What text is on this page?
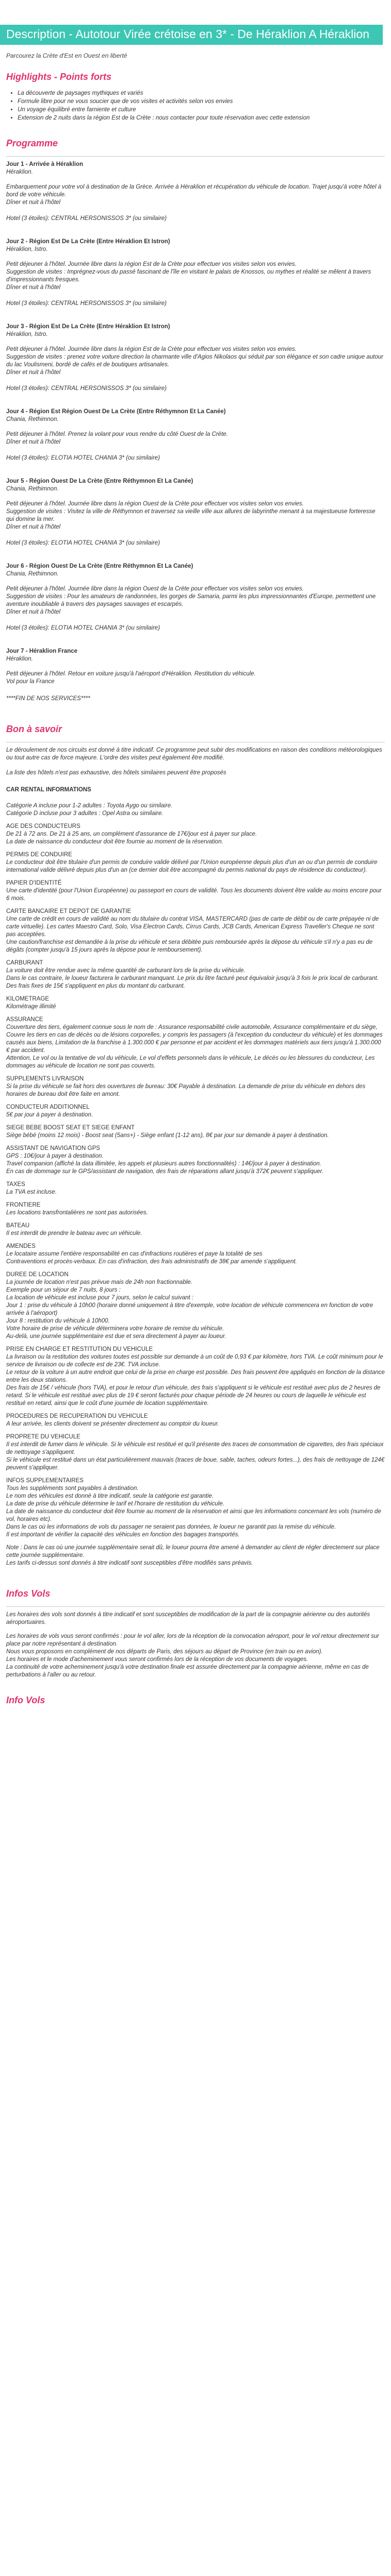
Description - Autotour Virée crétoise en 3* - De Héraklion A Héraklion
Parcourez la Crète d'Est en Ouest en liberté
Highlights - Points forts
• La découverte de paysages mythiques et variés
• Formule libre pour ne vous soucier que de vos visites et activités selon vos envies
• Un voyage équilibré entre farniente et culture
• Extension de 2 nuits dans la région Est de la Crète : nous contacter pour toute réservation avec cette extension
Programme
Jour 1 - Arrivée à Héraklion
Héraklion.

Embarquement pour votre vol à destination de la Grèce. Arrivée à Héraklion et récupération du véhicule de location. Trajet jusqu'à votre hôtel à bord de votre véhicule.
Dîner et nuit à l'hôtel

Hotel (3 étoiles): CENTRAL HERSONISSOS 3* (ou similaire)
Jour 2 - Région Est De La Crète (Entre Héraklion Et Istron)
Héraklion, Istro.

Petit déjeuner à l'hôtel. Journée libre dans la région Est de la Crète pour effectuer vos visites selon vos envies.
Suggestion de visites : Imprégnez-vous du passé fascinant de l'île en visitant le palais de Knossos, ou mythes et réalité se mêlent à travers d'impressionnants fresques.
Dîner et nuit à l'hôtel

Hotel (3 étoiles): CENTRAL HERSONISSOS 3* (ou similaire)
Jour 3 - Région Est De La Crète (Entre Héraklion Et Istron)
Héraklion, Istro.

Petit déjeuner à l'hôtel. Journée libre dans la région Est de la Crète pour effectuer vos visites selon vos envies.
Suggestion de visites : prenez votre voiture direction la charmante ville d'Agios Nikolaos qui séduit par son élégance et son cadre unique autour du lac Voulismeni, bordé de cafés et de boutiques artisanales.
Dîner et nuit à l'hôtel

Hotel (3 étoiles): CENTRAL HERSONISSOS 3* (ou similaire)
Jour 4 - Région Est Région Ouest De La Crète (Entre Réthymnon Et La Canée)
Chania, Rethimnon.

Petit déjeuner à l'hôtel. Prenez la volant pour vous rendre du côté Ouest de la Crète.
Dîner et nuit à l'hôtel

Hotel (3 étoiles): ELOTIA HOTEL CHANIA 3* (ou similaire)
Jour 5 - Région Ouest De La Crète (Entre Réthymnon Et La Canée)
Chania, Rethimnon.

Petit déjeuner à l'hôtel. Journée libre dans la région Ouest de la Crète pour effectuer vos visites selon vos envies.
Suggestion de visites : Visitez la ville de Réthymnon et traversez sa vieille ville aux allures de labyrinthe menant à sa majestueuse forteresse qui domine la mer.
Dîner et nuit à l'hôtel

Hotel (3 étoiles): ELOTIA HOTEL CHANIA 3* (ou similaire)
Jour 6 - Région Ouest De La Crète (Entre Réthymnon Et La Canée)
Chania, Rethimnon.

Petit déjeuner à l'hôtel. Journée libre dans la région Ouest de la Crète pour effectuer vos visites selon vos envies.
Suggestion de visites : Pour les amateurs de randonnées, les gorges de Samaria, parmi les plus impressionnantes d'Europe, permettent une aventure inoubliable à travers des paysages sauvages et escarpés.
Dîner et nuit à l'hôtel

Hotel (3 étoiles): ELOTIA HOTEL CHANIA 3* (ou similaire)
Jour 7 - Héraklion France
Héraklion.

Petit déjeuner à l'hôtel. Retour en voiture jusqu'à l'aéroport d'Héraklion. Restitution du véhicule.
Vol pour la France

****FIN DE NOS SERVICES****
Bon à savoir
Le déroulement de nos circuits est donné à titre indicatif. Ce programme peut subir des modifications en raison des conditions météorologiques ou tout autre cas de force majeure. L'ordre des visites peut également être modifié.
La liste des hôtels n'est pas exhaustive, des hôtels similaires peuvent être proposés
CAR RENTAL INFORMATIONS
Catégorie A incluse pour 1-2 adultes : Toyota Aygo ou similaire.
Catégorie D incluse pour 3 adultes : Opel Astra ou similaire.
AGE DES CONDUCTEURS
De 21 à 72 ans. De 21 à 25 ans, un complément d'assurance de 17€/jour est à payer sur place.
La date de naissance du conducteur doit être fournie au moment de la réservation.
PERMIS DE CONDUIRE
Le conducteur doit être titulaire d'un permis de conduire valide délivré par l'Union européenne depuis plus d'un an ou d'un permis de conduire international valide délivré depuis plus d'un an (ce dernier doit être accompagné du permis national du pays de résidence du conducteur).
PAPIER D'IDENTITÉ
Une carte d'identité (pour l'Union Européenne) ou passeport en cours de validité. Tous les documents doivent être valide au moins encore pour 6 mois.
CARTE BANCAIRE ET DEPOT DE GARANTIE
Une carte de crédit en cours de validité au nom du titulaire du contrat VISA, MASTERCARD (pas de carte de débit ou de carte prépayée ni de carte virtuelle). Les cartes Maestro Card, Solo, Visa Electron Cards, Cirrus Cards, JCB Cards, American Express Traveller's Cheque ne sont pas acceptées.
Une caution/franchise est demandée à la prise du véhicule et sera débitée puis remboursée après la dépose du véhicule s'il n'y a pas eu de dégâts (compter jusqu'à 15 jours après la dépose pour le remboursement).
CARBURANT
La voiture doit être rendue avec la même quantité de carburant lors de la prise du véhicule.
Dans le cas contraire, le loueur facturera le carburant manquant. Le prix du litre facturé peut équivaloir jusqu'à 3 fois le prix local de carburant. Des frais fixes de 15€ s'appliquent en plus du montant du carburant.
KILOMETRAGE
Kilométrage illimité
ASSURANCE
Couverture des tiers, également connue sous le nom de : Assurance responsabilité civile automobile, Assurance complémentaire et du siège, Couvre les tiers en cas de décès ou de lésions corporelles, y compris les passagers (à l'exception du conducteur du véhicule) et les dommages causés aux biens, Limitation de la franchise à 1.300.000 € par personne et par accident et les dommages matériels aux tiers jusqu'à 1.300.000 € par accident.
Attention, Le vol ou la tentative de vol du véhicule, Le vol d'effets personnels dans le véhicule, Le décès ou les blessures du conducteur, Les dommages au véhicule de location ne sont pas couverts.
SUPPLEMENTS LIVRAISON
Si la prise du véhicule se fait hors des ouvertures de bureau: 30€ Payable à destination. La demande de prise du véhicule en dehors des horaires de bureau doit être faite en amont.
CONDUCTEUR ADDITIONNEL
5€ par jour à payer à destination.
SIEGE BEBE BOOST SEAT ET SIEGE ENFANT
Siège bébé (moins 12 mois) - Boost seat (5ans+) - Siège enfant (1-12 ans), 8€ par jour sur demande à payer à destination.
ASSISTANT DE NAVIGATION GPS
GPS : 10€/jour à payer à destination.
Travel companion (affiché la data illimitée, les appels et plusieurs autres fonctionnalités) : 14€/jour à payer à destination.
En cas de dommage sur le GPS/assistant de navigation, des frais de réparations allant jusqu'à 372€ peuvent s'appliquer.
TAXES
La TVA est incluse.
FRONTIERE
Les locations transfrontalières ne sont pas autorisées.
BATEAU
Il est interdit de prendre le bateau avec un véhicule.
AMENDES
Le locataire assume l'entière responsabilité en cas d'infractions routières et paye la totalité de ses
Contraventions et procès-verbaux. En cas d'infraction, des frais administratifs de 38€ par amende s'appliquent.
DUREE DE LOCATION
La journée de location n'est pas prévue mais de 24h non fractionnable.
Exemple pour un séjour de 7 nuits, 8 jours :
La location de véhicule est incluse pour 7 jours, selon le calcul suivant :
Jour 1 : prise du véhicule à 10h00 (horaire donné uniquement à titre d'exemple, votre location de véhicule commencera en fonction de votre arrivée à l'aéroport)
Jour 8 : restitution du véhicule à 10h00.
Votre horaire de prise de véhicule déterminera votre horaire de remise du véhicule.
Au-delà, une journée supplémentaire est due et sera directement à payer au loueur.
PRISE EN CHARGE ET RESTITUTION DU VEHICULE
La livraison ou la restitution des voitures toutes est possible sur demande à un coût de 0,93 € par kilomètre, hors TVA. Le coût minimum pour le service de livraison ou de collecte est de 23€. TVA incluse.
Le retour de la voiture à un autre endroit que celui de la prise en charge est possible. Des frais peuvent être appliqués en fonction de la distance entre les deux stations.
Des frais de 15€ / véhicule (hors TVA), et pour le retour d'un véhicule, des frais s'appliquent si le véhicule est restitué avec plus de 2 heures de retard. Si le véhicule est restitué avec plus de 19 € seront facturés pour chaque période de 24 heures ou cours de laquelle le véhicule est restitué en retard, ainsi que le coût d'une journée de location supplémentaire.
PROCEDURES DE RECUPERATION DU VEHICULE
A leur arrivée, les clients doivent se présenter directement au comptoir du loueur.
PROPRETE DU VEHICULE
Il est interdit de fumer dans le véhicule. Si le véhicule est restitué et qu'il présente des traces de consommation de cigarettes, des frais spéciaux de nettoyage s'appliquent.
Si le véhicule est restitué dans un état particulièrement mauvais (traces de boue, sable, taches, odeurs fortes...), des frais de nettoyage de 124€ peuvent s'appliquer.
INFOS SUPPLEMENTAIRES
Tous les suppléments sont payables à destination.
Le nom des véhicules est donné à titre indicatif, seule la catégorie est garantie.
La date de prise du véhicule détermine le tarif et l'horaire de restitution du véhicule.
La date de naissance du conducteur doit être fournie au moment de la réservation et ainsi que les informations concernant les vols (numéro de vol, horaires etc).
Dans le cas où les informations de vols du passager ne seraient pas données, le loueur ne garantit pas la remise du véhicule.
Il est important de vérifier la capacité des véhicules en fonction des bagages transportés.
Note : Dans le cas où une journée supplémentaire serait dû, le loueur pourra être amené à demander au client de régler directement sur place cette journée supplémentaire.
Les tarifs ci-dessus sont donnés à titre indicatif sont susceptibles d'être modifiés sans préavis.
Infos Vols

Les horaires des vols sont donnés à titre indicatif et sont susceptibles de modification de la part de la compagnie aérienne ou des autorités aéroportuaires.

Les horaires de vols vous seront confirmés : pour le vol aller, lors de la réception de la convocation aéroport, pour le vol retour directement sur place par notre représentant à destination.
Nous vous proposons en complément de nos départs de Paris, des séjours au départ de Province (en train ou en avion).
Les horaires et le mode d'acheminement vous seront confirmés lors de la réception de vos documents de voyages.
La continuité de votre acheminement jusqu'à votre destination finale est assurée directement par la compagnie aérienne, même en cas de perturbations à l'aller ou au retour.

Info Vols
